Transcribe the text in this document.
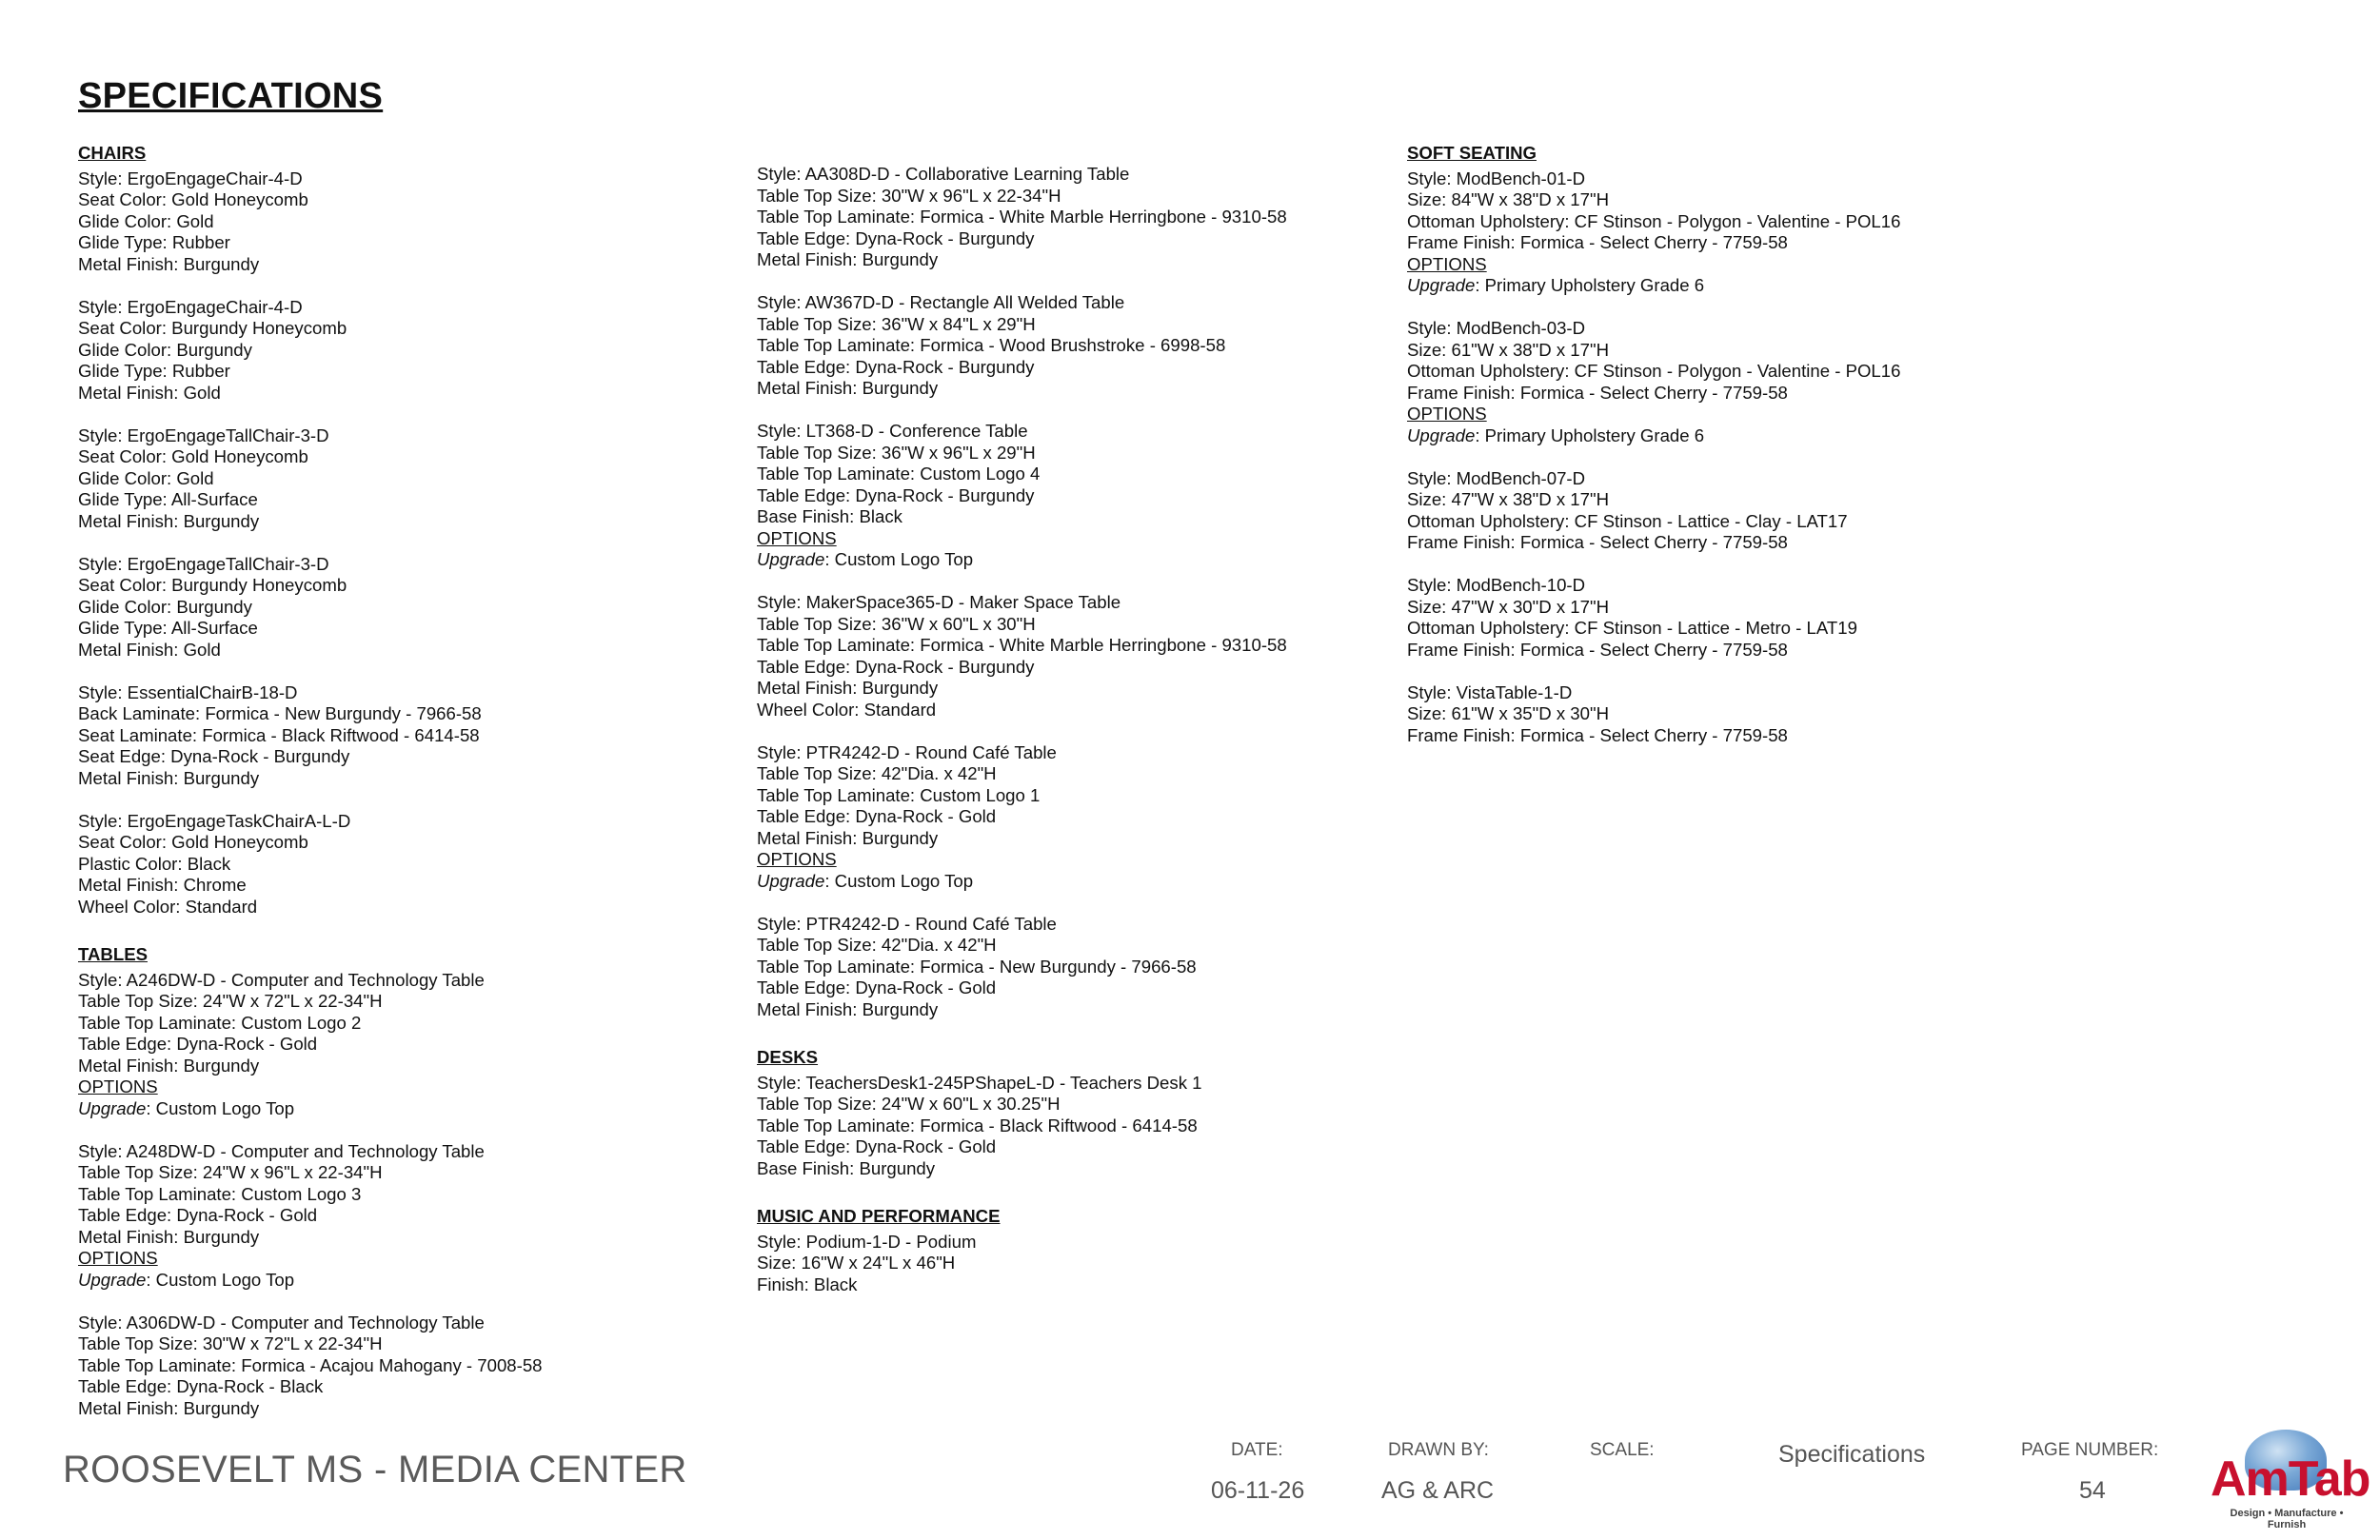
SPECIFICATIONS
CHAIRS
Style: ErgoEngageChair-4-D
Seat Color: Gold Honeycomb
Glide Color: Gold
Glide Type: Rubber
Metal Finish: Burgundy
Style: ErgoEngageChair-4-D
Seat Color: Burgundy Honeycomb
Glide Color: Burgundy
Glide Type: Rubber
Metal Finish: Gold
Style: ErgoEngageTallChair-3-D
Seat Color: Gold Honeycomb
Glide Color: Gold
Glide Type: All-Surface
Metal Finish: Burgundy
Style: ErgoEngageTallChair-3-D
Seat Color: Burgundy Honeycomb
Glide Color: Burgundy
Glide Type: All-Surface
Metal Finish: Gold
Style: EssentialChairB-18-D
Back Laminate: Formica - New Burgundy - 7966-58
Seat Laminate: Formica - Black Riftwood - 6414-58
Seat Edge: Dyna-Rock - Burgundy
Metal Finish: Burgundy
Style: ErgoEngageTaskChairA-L-D
Seat Color: Gold Honeycomb
Plastic Color: Black
Metal Finish: Chrome
Wheel Color: Standard
TABLES
Style: A246DW-D - Computer and Technology Table
Table Top Size: 24"W x 72"L x 22-34"H
Table Top Laminate: Custom Logo 2
Table Edge: Dyna-Rock - Gold
Metal Finish: Burgundy
OPTIONS
Upgrade: Custom Logo Top
Style: A248DW-D - Computer and Technology Table
Table Top Size: 24"W x 96"L x 22-34"H
Table Top Laminate: Custom Logo 3
Table Edge: Dyna-Rock - Gold
Metal Finish: Burgundy
OPTIONS
Upgrade: Custom Logo Top
Style: A306DW-D - Computer and Technology Table
Table Top Size: 30"W x 72"L x 22-34"H
Table Top Laminate: Formica - Acajou Mahogany - 7008-58
Table Edge: Dyna-Rock - Black
Metal Finish: Burgundy
Style: AA308D-D - Collaborative Learning Table
Table Top Size: 30"W x 96"L x 22-34"H
Table Top Laminate: Formica - White Marble Herringbone - 9310-58
Table Edge: Dyna-Rock - Burgundy
Metal Finish: Burgundy
Style: AW367D-D - Rectangle All Welded Table
Table Top Size: 36"W x 84"L x 29"H
Table Top Laminate: Formica - Wood Brushstroke - 6998-58
Table Edge: Dyna-Rock - Burgundy
Metal Finish: Burgundy
Style: LT368-D - Conference Table
Table Top Size: 36"W x 96"L x 29"H
Table Top Laminate: Custom Logo 4
Table Edge: Dyna-Rock - Burgundy
Base Finish: Black
OPTIONS
Upgrade: Custom Logo Top
Style: MakerSpace365-D - Maker Space Table
Table Top Size: 36"W x 60"L x 30"H
Table Top Laminate: Formica - White Marble Herringbone - 9310-58
Table Edge: Dyna-Rock - Burgundy
Metal Finish: Burgundy
Wheel Color: Standard
Style: PTR4242-D - Round Café Table
Table Top Size: 42"Dia. x 42"H
Table Top Laminate: Custom Logo 1
Table Edge: Dyna-Rock - Gold
Metal Finish: Burgundy
OPTIONS
Upgrade: Custom Logo Top
Style: PTR4242-D - Round Café Table
Table Top Size: 42"Dia. x 42"H
Table Top Laminate: Formica - New Burgundy - 7966-58
Table Edge: Dyna-Rock - Gold
Metal Finish: Burgundy
DESKS
Style: TeachersDesk1-245PShapeL-D - Teachers Desk 1
Table Top Size: 24"W x 60"L x 30.25"H
Table Top Laminate: Formica - Black Riftwood - 6414-58
Table Edge: Dyna-Rock - Gold
Base Finish: Burgundy
MUSIC AND PERFORMANCE
Style: Podium-1-D - Podium
Size: 16"W x 24"L x 46"H
Finish: Black
SOFT SEATING
Style: ModBench-01-D
Size: 84"W x 38"D x 17"H
Ottoman Upholstery: CF Stinson - Polygon - Valentine - POL16
Frame Finish: Formica - Select Cherry - 7759-58
OPTIONS
Upgrade: Primary Upholstery Grade 6
Style: ModBench-03-D
Size: 61"W x 38"D x 17"H
Ottoman Upholstery: CF Stinson - Polygon - Valentine - POL16
Frame Finish: Formica - Select Cherry - 7759-58
OPTIONS
Upgrade: Primary Upholstery Grade 6
Style: ModBench-07-D
Size: 47"W x 38"D x 17"H
Ottoman Upholstery: CF Stinson - Lattice - Clay - LAT17
Frame Finish: Formica - Select Cherry - 7759-58
Style: ModBench-10-D
Size: 47"W x 30"D x 17"H
Ottoman Upholstery: CF Stinson - Lattice - Metro - LAT19
Frame Finish: Formica - Select Cherry - 7759-58
Style: VistaTable-1-D
Size: 61"W x 35"D x 30"H
Frame Finish: Formica - Select Cherry - 7759-58
ROOSEVELT MS - MEDIA CENTER	DATE:
06-11-26
DRAWN BY:
AG & ARC
SCALE:	Specifications	PAGE NUMBER:
54 AmTab
Design • Manufacture • Furnish
